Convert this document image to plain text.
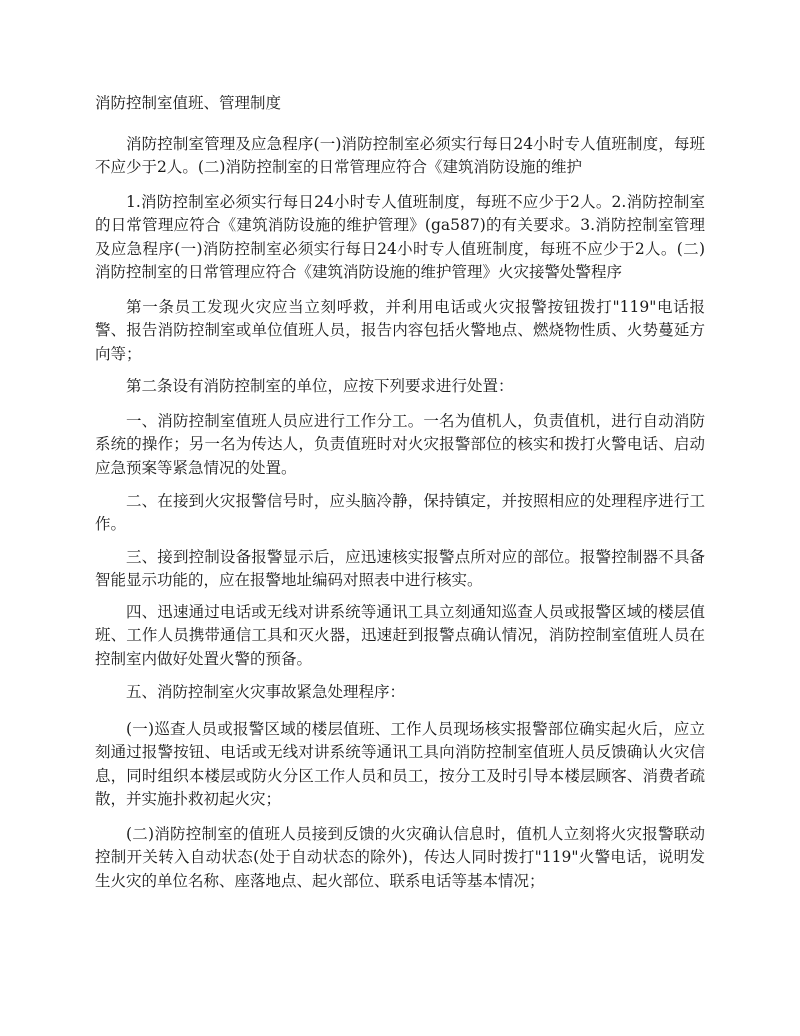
消防控制室值班、管理制度

消防控制室管理及应急程序(一)消防控制室必须实行每日24小时专人值班制度，每班不应少于2人。(二)消防控制室的日常管理应符合《建筑消防设施的维护

1.消防控制室必须实行每日24小时专人值班制度，每班不应少于2人。2.消防控制室的日常管理应符合《建筑消防设施的维护管理》(ga587)的有关要求。3.消防控制室管理及应急程序(一)消防控制室必须实行每日24小时专人值班制度，每班不应少于2人。(二)消防控制室的日常管理应符合《建筑消防设施的维护管理》火灾接警处警程序

第一条员工发现火灾应当立刻呼救，并利用电话或火灾报警按钮拨打"119"电话报警、报告消防控制室或单位值班人员，报告内容包括火警地点、燃烧物性质、火势蔓延方向等；

第二条设有消防控制室的单位，应按下列要求进行处置：

一、消防控制室值班人员应进行工作分工。一名为值机人，负责值机，进行自动消防系统的操作；另一名为传达人，负责值班时对火灾报警部位的核实和拨打火警电话、启动应急预案等紧急情况的处置。

二、在接到火灾报警信号时，应头脑冷静，保持镇定，并按照相应的处理程序进行工作。

三、接到控制设备报警显示后，应迅速核实报警点所对应的部位。报警控制器不具备智能显示功能的，应在报警地址编码对照表中进行核实。

四、迅速通过电话或无线对讲系统等通讯工具立刻通知巡查人员或报警区域的楼层值班、工作人员携带通信工具和灭火器，迅速赶到报警点确认情况，消防控制室值班人员在控制室内做好处置火警的预备。

五、消防控制室火灾事故紧急处理程序：

(一)巡查人员或报警区域的楼层值班、工作人员现场核实报警部位确实起火后，应立刻通过报警按钮、电话或无线对讲系统等通讯工具向消防控制室值班人员反馈确认火灾信息，同时组织本楼层或防火分区工作人员和员工，按分工及时引导本楼层顾客、消费者疏散，并实施扑救初起火灾；

(二)消防控制室的值班人员接到反馈的火灾确认信息时，值机人立刻将火灾报警联动控制开关转入自动状态(处于自动状态的除外)，传达人同时拨打"119"火警电话，说明发生火灾的单位名称、座落地点、起火部位、联系电话等基本情况；
